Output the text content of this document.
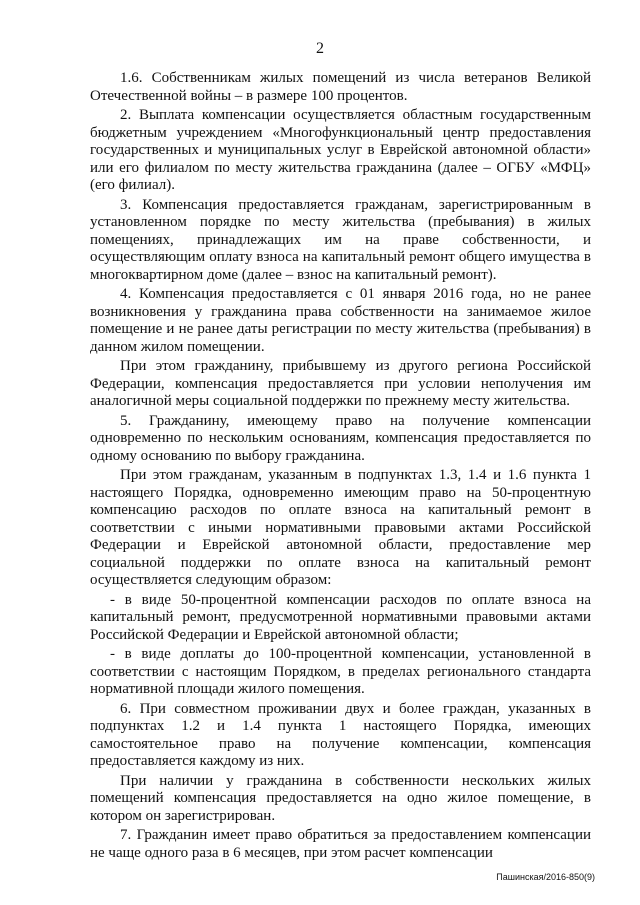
2

1.6. Собственникам жилых помещений из числа ветеранов Великой Отечественной войны – в размере 100 процентов.

2. Выплата компенсации осуществляется областным государственным бюджетным учреждением «Многофункциональный центр предоставления государственных и муниципальных услуг в Еврейской автономной области» или его филиалом по месту жительства гражданина (далее – ОГБУ «МФЦ» (его филиал).

3. Компенсация предоставляется гражданам, зарегистрированным в установленном порядке по месту жительства (пребывания) в жилых помещениях, принадлежащих им на праве собственности, и осуществляющим оплату взноса на капитальный ремонт общего имущества в многоквартирном доме (далее – взнос на капитальный ремонт).

4. Компенсация предоставляется с 01 января 2016 года, но не ранее возникновения у гражданина права собственности на занимаемое жилое помещение и не ранее даты регистрации по месту жительства (пребывания) в данном жилом помещении.

При этом гражданину, прибывшему из другого региона Российской Федерации, компенсация предоставляется при условии неполучения им аналогичной меры социальной поддержки по прежнему месту жительства.

5. Гражданину, имеющему право на получение компенсации одновременно по нескольким основаниям, компенсация предоставляется по одному основанию по выбору гражданина.

При этом гражданам, указанным в подпунктах 1.3, 1.4 и 1.6 пункта 1 настоящего Порядка, одновременно имеющим право на 50-процентную компенсацию расходов по оплате взноса на капитальный ремонт в соответствии с иными нормативными правовыми актами Российской Федерации и Еврейской автономной области, предоставление мер социальной поддержки по оплате взноса на капитальный ремонт осуществляется следующим образом:

- в виде 50-процентной компенсации расходов по оплате взноса на капитальный ремонт, предусмотренной нормативными правовыми актами Российской Федерации и Еврейской автономной области;

- в виде доплаты до 100-процентной компенсации, установленной в соответствии с настоящим Порядком, в пределах регионального стандарта нормативной площади жилого помещения.

6. При совместном проживании двух и более граждан, указанных в подпунктах 1.2 и 1.4 пункта 1 настоящего Порядка, имеющих самостоятельное право на получение компенсации, компенсация предоставляется каждому из них.

При наличии у гражданина в собственности нескольких жилых помещений компенсация предоставляется на одно жилое помещение, в котором он зарегистрирован.

7. Гражданин имеет право обратиться за предоставлением компенсации не чаще одного раза в 6 месяцев, при этом расчет компенсации

Пашинская/2016-850(9)
